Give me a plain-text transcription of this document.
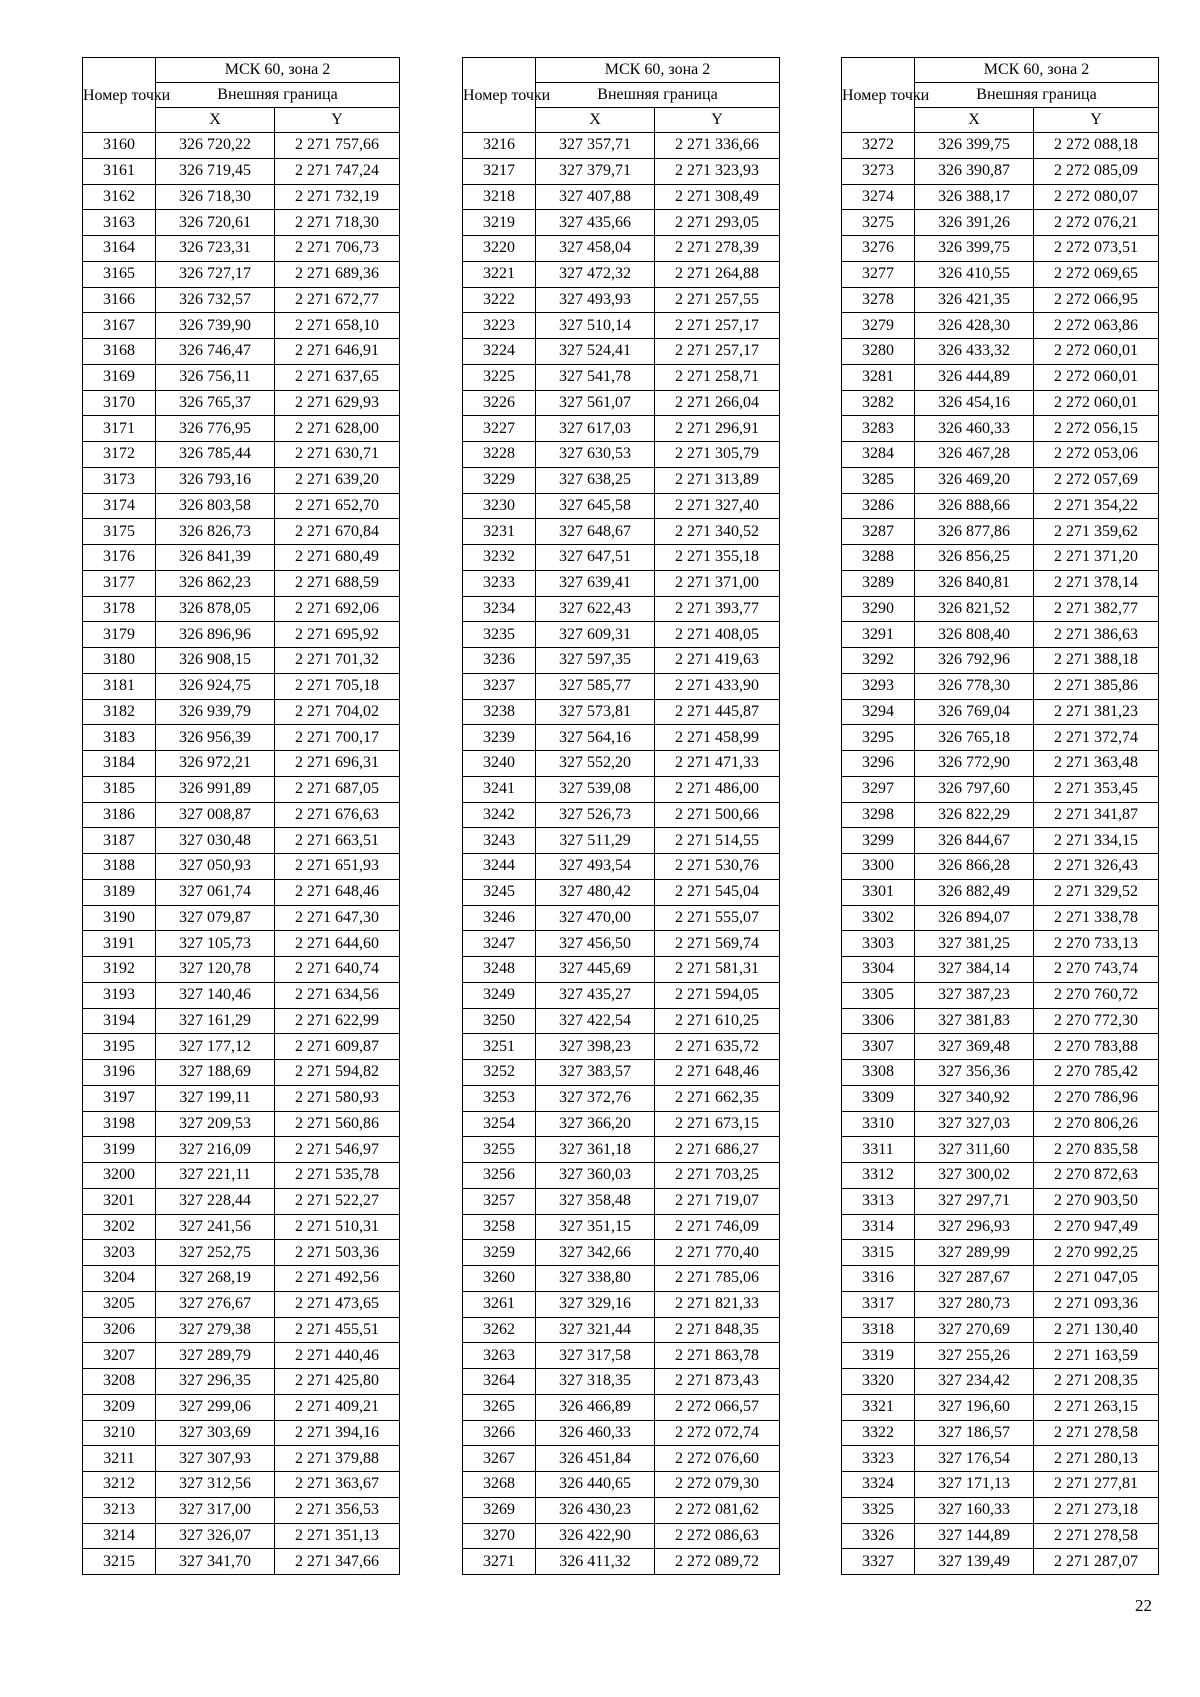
Номер точки	МСК 60, зона 2	
	Внешняя граница	
	X	Y
3160	326 720,22	2 271 757,66
3161	326 719,45	2 271 747,24
3162	326 718,30	2 271 732,19
3163	326 720,61	2 271 718,30
3164	326 723,31	2 271 706,73
3165	326 727,17	2 271 689,36
3166	326 732,57	2 271 672,77
3167	326 739,90	2 271 658,10
3168	326 746,47	2 271 646,91
3169	326 756,11	2 271 637,65
3170	326 765,37	2 271 629,93
3171	326 776,95	2 271 628,00
3172	326 785,44	2 271 630,71
3173	326 793,16	2 271 639,20
3174	326 803,58	2 271 652,70
3175	326 826,73	2 271 670,84
3176	326 841,39	2 271 680,49
3177	326 862,23	2 271 688,59
3178	326 878,05	2 271 692,06
3179	326 896,96	2 271 695,92
3180	326 908,15	2 271 701,32
3181	326 924,75	2 271 705,18
3182	326 939,79	2 271 704,02
3183	326 956,39	2 271 700,17
3184	326 972,21	2 271 696,31
3185	326 991,89	2 271 687,05
3186	327 008,87	2 271 676,63
3187	327 030,48	2 271 663,51
3188	327 050,93	2 271 651,93
3189	327 061,74	2 271 648,46
3190	327 079,87	2 271 647,30
3191	327 105,73	2 271 644,60
3192	327 120,78	2 271 640,74
3193	327 140,46	2 271 634,56
3194	327 161,29	2 271 622,99
3195	327 177,12	2 271 609,87
3196	327 188,69	2 271 594,82
3197	327 199,11	2 271 580,93
3198	327 209,53	2 271 560,86
3199	327 216,09	2 271 546,97
3200	327 221,11	2 271 535,78
3201	327 228,44	2 271 522,27
3202	327 241,56	2 271 510,31
3203	327 252,75	2 271 503,36
3204	327 268,19	2 271 492,56
3205	327 276,67	2 271 473,65
3206	327 279,38	2 271 455,51
3207	327 289,79	2 271 440,46
3208	327 296,35	2 271 425,80
3209	327 299,06	2 271 409,21
3210	327 303,69	2 271 394,16
3211	327 307,93	2 271 379,88
3212	327 312,56	2 271 363,67
3213	327 317,00	2 271 356,53
3214	327 326,07	2 271 351,13
3215	327 341,70	2 271 347,66
Номер точки	МСК 60, зона 2	
	Внешняя граница	
	X	Y
3216	327 357,71	2 271 336,66
3217	327 379,71	2 271 323,93
3218	327 407,88	2 271 308,49
3219	327 435,66	2 271 293,05
3220	327 458,04	2 271 278,39
3221	327 472,32	2 271 264,88
3222	327 493,93	2 271 257,55
3223	327 510,14	2 271 257,17
3224	327 524,41	2 271 257,17
3225	327 541,78	2 271 258,71
3226	327 561,07	2 271 266,04
3227	327 617,03	2 271 296,91
3228	327 630,53	2 271 305,79
3229	327 638,25	2 271 313,89
3230	327 645,58	2 271 327,40
3231	327 648,67	2 271 340,52
3232	327 647,51	2 271 355,18
3233	327 639,41	2 271 371,00
3234	327 622,43	2 271 393,77
3235	327 609,31	2 271 408,05
3236	327 597,35	2 271 419,63
3237	327 585,77	2 271 433,90
3238	327 573,81	2 271 445,87
3239	327 564,16	2 271 458,99
3240	327 552,20	2 271 471,33
3241	327 539,08	2 271 486,00
3242	327 526,73	2 271 500,66
3243	327 511,29	2 271 514,55
3244	327 493,54	2 271 530,76
3245	327 480,42	2 271 545,04
3246	327 470,00	2 271 555,07
3247	327 456,50	2 271 569,74
3248	327 445,69	2 271 581,31
3249	327 435,27	2 271 594,05
3250	327 422,54	2 271 610,25
3251	327 398,23	2 271 635,72
3252	327 383,57	2 271 648,46
3253	327 372,76	2 271 662,35
3254	327 366,20	2 271 673,15
3255	327 361,18	2 271 686,27
3256	327 360,03	2 271 703,25
3257	327 358,48	2 271 719,07
3258	327 351,15	2 271 746,09
3259	327 342,66	2 271 770,40
3260	327 338,80	2 271 785,06
3261	327 329,16	2 271 821,33
3262	327 321,44	2 271 848,35
3263	327 317,58	2 271 863,78
3264	327 318,35	2 271 873,43
3265	326 466,89	2 272 066,57
3266	326 460,33	2 272 072,74
3267	326 451,84	2 272 076,60
3268	326 440,65	2 272 079,30
3269	326 430,23	2 272 081,62
3270	326 422,90	2 272 086,63
3271	326 411,32	2 272 089,72
Номер точки	МСК 60, зона 2	
	Внешняя граница	
	X	Y
3272	326 399,75	2 272 088,18
3273	326 390,87	2 272 085,09
3274	326 388,17	2 272 080,07
3275	326 391,26	2 272 076,21
3276	326 399,75	2 272 073,51
3277	326 410,55	2 272 069,65
3278	326 421,35	2 272 066,95
3279	326 428,30	2 272 063,86
3280	326 433,32	2 272 060,01
3281	326 444,89	2 272 060,01
3282	326 454,16	2 272 060,01
3283	326 460,33	2 272 056,15
3284	326 467,28	2 272 053,06
3285	326 469,20	2 272 057,69
3286	326 888,66	2 271 354,22
3287	326 877,86	2 271 359,62
3288	326 856,25	2 271 371,20
3289	326 840,81	2 271 378,14
3290	326 821,52	2 271 382,77
3291	326 808,40	2 271 386,63
3292	326 792,96	2 271 388,18
3293	326 778,30	2 271 385,86
3294	326 769,04	2 271 381,23
3295	326 765,18	2 271 372,74
3296	326 772,90	2 271 363,48
3297	326 797,60	2 271 353,45
3298	326 822,29	2 271 341,87
3299	326 844,67	2 271 334,15
3300	326 866,28	2 271 326,43
3301	326 882,49	2 271 329,52
3302	326 894,07	2 271 338,78
3303	327 381,25	2 270 733,13
3304	327 384,14	2 270 743,74
3305	327 387,23	2 270 760,72
3306	327 381,83	2 270 772,30
3307	327 369,48	2 270 783,88
3308	327 356,36	2 270 785,42
3309	327 340,92	2 270 786,96
3310	327 327,03	2 270 806,26
3311	327 311,60	2 270 835,58
3312	327 300,02	2 270 872,63
3313	327 297,71	2 270 903,50
3314	327 296,93	2 270 947,49
3315	327 289,99	2 270 992,25
3316	327 287,67	2 271 047,05
3317	327 280,73	2 271 093,36
3318	327 270,69	2 271 130,40
3319	327 255,26	2 271 163,59
3320	327 234,42	2 271 208,35
3321	327 196,60	2 271 263,15
3322	327 186,57	2 271 278,58
3323	327 176,54	2 271 280,13
3324	327 171,13	2 271 277,81
3325	327 160,33	2 271 273,18
3326	327 144,89	2 271 278,58
3327	327 139,49	2 271 287,07
22
